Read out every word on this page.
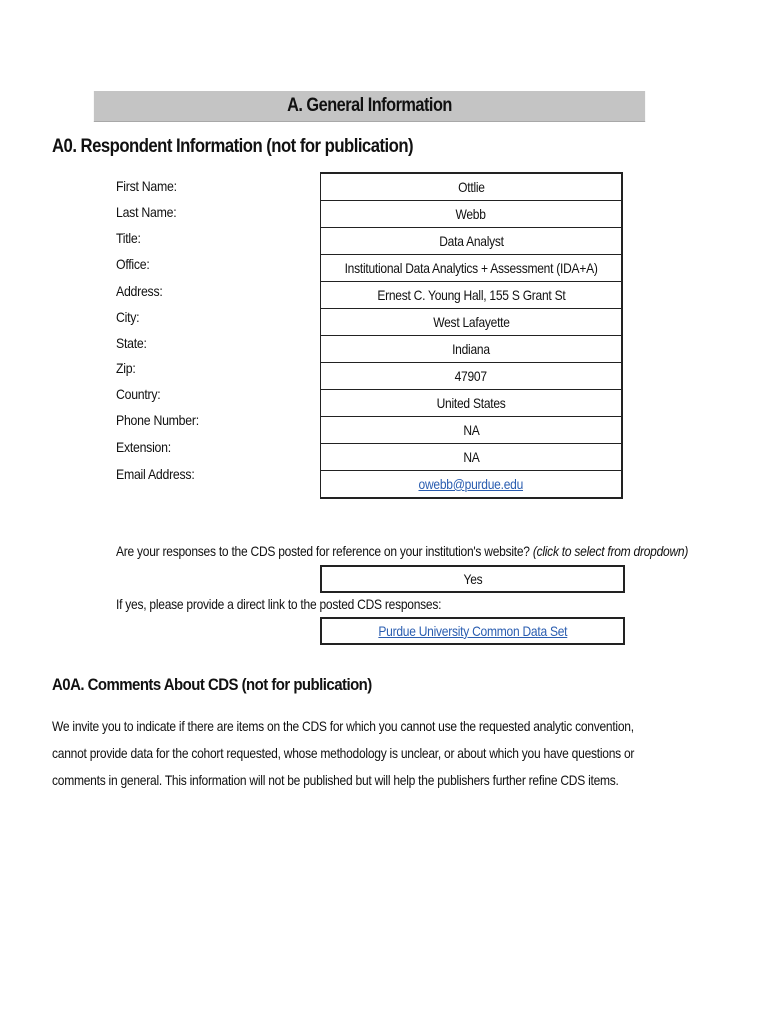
A. General Information
A0. Respondent Information (not for publication)
First Name:
Last Name:
Title:
Office:
Address:
City:
State:
Zip:
Country:
Phone Number:
Extension:
Email Address:
Ottlie
Webb
Data Analyst
Institutional Data Analytics + Assessment (IDA+A)
Ernest C. Young Hall, 155 S Grant St
West Lafayette
Indiana
47907
United States
NA
NA
owebb@purdue.edu
Are your responses to the CDS posted for reference on your institution's website? (click to select from dropdown)
Yes
If yes, please provide a direct link to the posted CDS responses:
Purdue University Common Data Set
A0A. Comments About CDS (not for publication)
We invite you to indicate if there are items on the CDS for which you cannot use the requested analytic convention,
cannot provide data for the cohort requested, whose methodology is unclear, or about which you have questions or
comments in general. This information will not be published but will help the publishers further refine CDS items.
